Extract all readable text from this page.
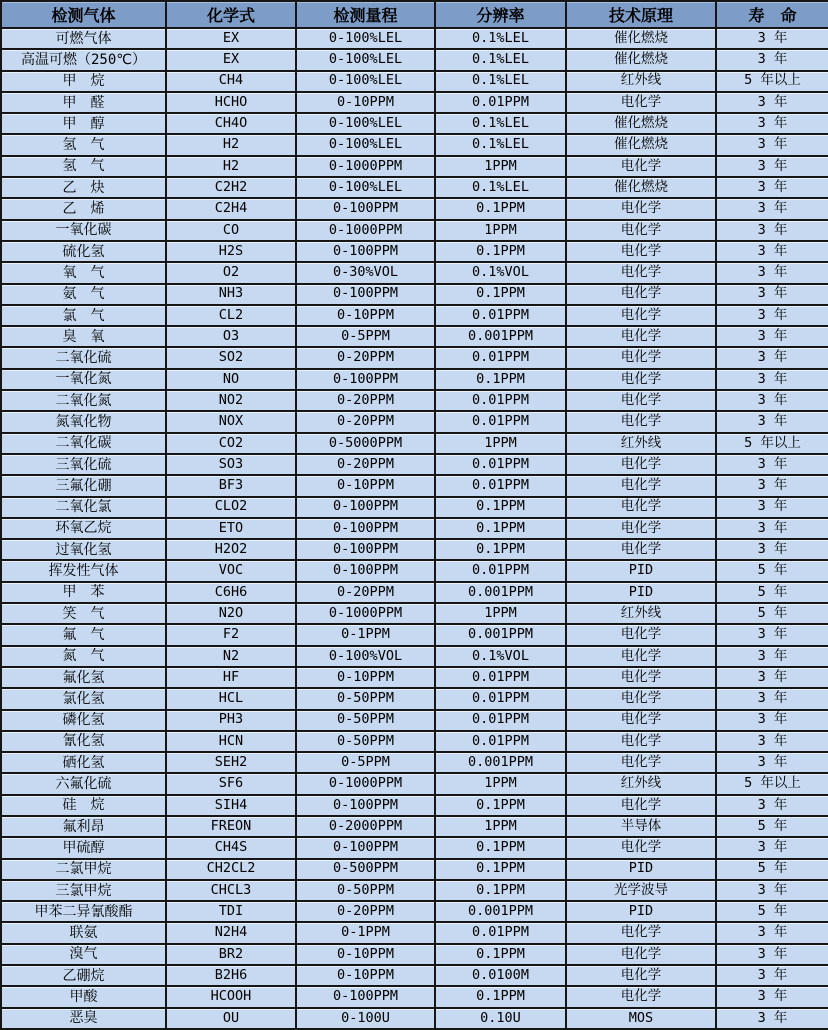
检测气体	化学式	检测量程	分辨率	技术原理	寿　命
可燃气体	EX	0-100%LEL	0.1%LEL	催化燃烧	3 年
高温可燃（250℃）	EX	0-100%LEL	0.1%LEL	催化燃烧	3 年
甲　烷	CH4	0-100%LEL	0.1%LEL	红外线	5 年以上
甲　醛	HCHO	0-10PPM	0.01PPM	电化学	3 年
甲　醇	CH4O	0-100%LEL	0.1%LEL	催化燃烧	3 年
氢　气	H2	0-100%LEL	0.1%LEL	催化燃烧	3 年
氢　气	H2	0-1000PPM	1PPM	电化学	3 年
乙　炔	C2H2	0-100%LEL	0.1%LEL	催化燃烧	3 年
乙　烯	C2H4	0-100PPM	0.1PPM	电化学	3 年
一氧化碳	CO	0-1000PPM	1PPM	电化学	3 年
硫化氢	H2S	0-100PPM	0.1PPM	电化学	3 年
氧　气	O2	0-30%VOL	0.1%VOL	电化学	3 年
氨　气	NH3	0-100PPM	0.1PPM	电化学	3 年
氯　气	CL2	0-10PPM	0.01PPM	电化学	3 年
臭　氧	O3	0-5PPM	0.001PPM	电化学	3 年
二氧化硫	SO2	0-20PPM	0.01PPM	电化学	3 年
一氧化氮	NO	0-100PPM	0.1PPM	电化学	3 年
二氧化氮	NO2	0-20PPM	0.01PPM	电化学	3 年
氮氧化物	NOX	0-20PPM	0.01PPM	电化学	3 年
二氧化碳	CO2	0-5000PPM	1PPM	红外线	5 年以上
三氧化硫	SO3	0-20PPM	0.01PPM	电化学	3 年
三氟化硼	BF3	0-10PPM	0.01PPM	电化学	3 年
二氧化氯	CLO2	0-100PPM	0.1PPM	电化学	3 年
环氧乙烷	ETO	0-100PPM	0.1PPM	电化学	3 年
过氧化氢	H2O2	0-100PPM	0.1PPM	电化学	3 年
挥发性气体	VOC	0-100PPM	0.01PPM	PID	5 年
甲　苯	C6H6	0-20PPM	0.001PPM	PID	5 年
笑　气	N2O	0-1000PPM	1PPM	红外线	5 年
氟　气	F2	0-1PPM	0.001PPM	电化学	3 年
氮　气	N2	0-100%VOL	0.1%VOL	电化学	3 年
氟化氢	HF	0-10PPM	0.01PPM	电化学	3 年
氯化氢	HCL	0-50PPM	0.01PPM	电化学	3 年
磷化氢	PH3	0-50PPM	0.01PPM	电化学	3 年
氰化氢	HCN	0-50PPM	0.01PPM	电化学	3 年
硒化氢	SEH2	0-5PPM	0.001PPM	电化学	3 年
六氟化硫	SF6	0-1000PPM	1PPM	红外线	5 年以上
硅　烷	SIH4	0-100PPM	0.1PPM	电化学	3 年
氟利昂	FREON	0-2000PPM	1PPM	半导体	5 年
甲硫醇	CH4S	0-100PPM	0.1PPM	电化学	3 年
二氯甲烷	CH2CL2	0-500PPM	0.1PPM	PID	5 年
三氯甲烷	CHCL3	0-50PPM	0.1PPM	光学波导	3 年
甲苯二异氰酸酯	TDI	0-20PPM	0.001PPM	PID	5 年
联氨	N2H4	0-1PPM	0.01PPM	电化学	3 年
溴气	BR2	0-10PPM	0.1PPM	电化学	3 年
乙硼烷	B2H6	0-10PPM	0.0100M	电化学	3 年
甲酸	HCOOH	0-100PPM	0.1PPM	电化学	3 年
恶臭	OU	0-100U	0.10U	MOS	3 年
